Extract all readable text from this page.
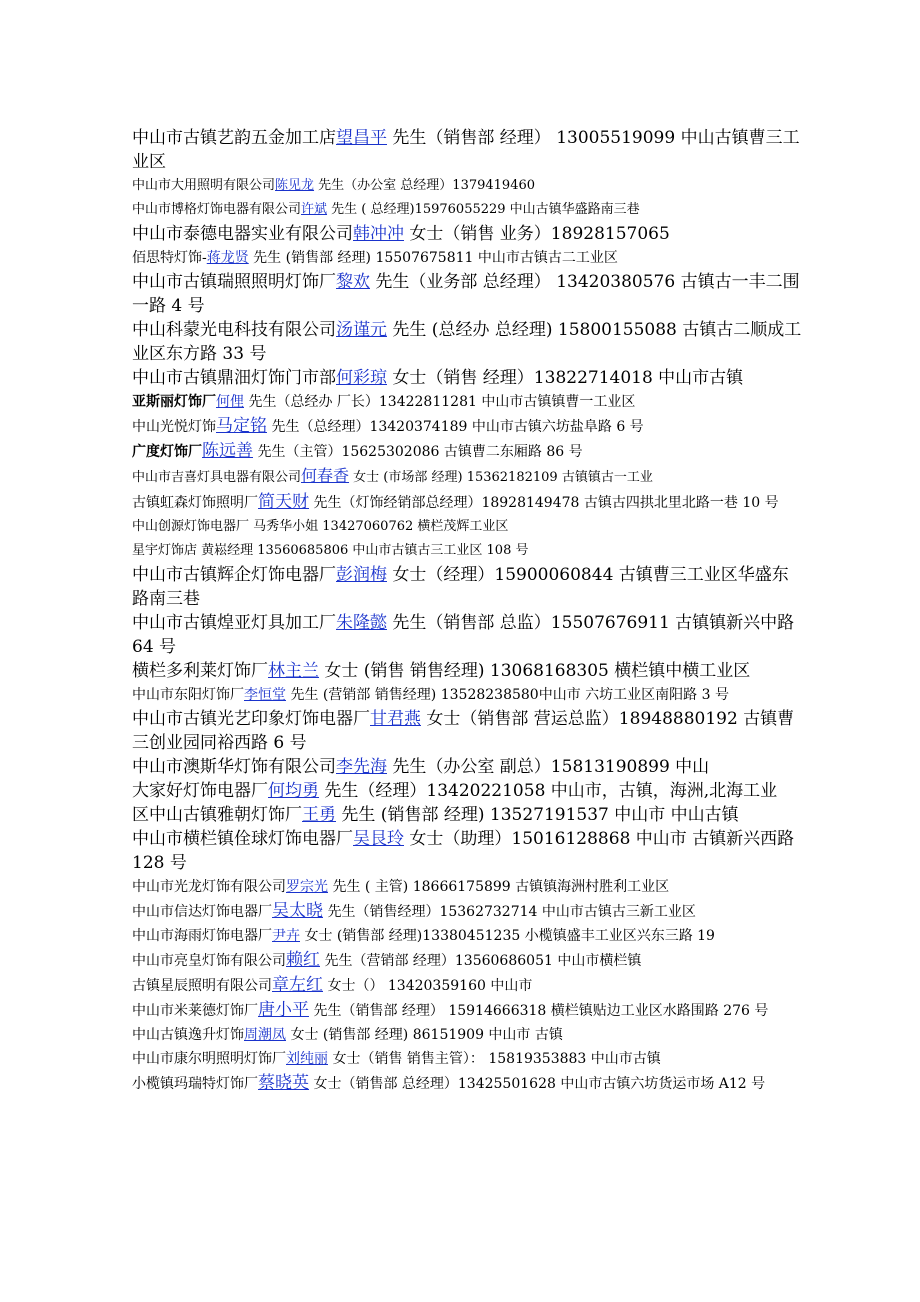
中山市古镇艺韵五金加工店望昌平 先生（销售部 经理） 13005519099 中山古镇曹三工业区

中山市大用照明有限公司陈见龙 先生（办公室 总经理）1379419460

中山市博格灯饰电器有限公司许斌 先生 ( 总经理)15976055229 中山古镇华盛路南三巷

中山市泰德电器实业有限公司韩冲冲 女士（销售 业务）18928157065

佰思特灯饰-蒋龙贤 先生 (销售部 经理) 15507675811 中山市古镇古二工业区

中山市古镇瑞照照明灯饰厂黎欢 先生（业务部 总经理） 13420380576 古镇古一丰二围一路 4 号

中山科蒙光电科技有限公司汤谨元 先生 (总经办 总经理) 15800155088 古镇古二顺成工业区东方路 33 号

中山市古镇鼎沺灯饰门市部何彩琼 女士（销售 经理）13822714018 中山市古镇

亚斯丽灯饰厂何俚 先生（总经办 厂长）13422811281 中山市古镇镇曹一工业区

中山光悦灯饰马定铭 先生（总经理）13420374189 中山市古镇六坊盐阜路 6 号

广度灯饰厂陈远善 先生（主管）15625302086 古镇曹二东厢路 86 号

中山市吉喜灯具电器有限公司何春香 女士 (市场部 经理) 15362182109 古镇镇古一工业

古镇虹森灯饰照明厂简天财 先生（灯饰经销部总经理）18928149478 古镇古四拱北里北路一巷 10 号

中山创源灯饰电器厂 马秀华小姐 13427060762 横栏茂辉工业区

星宇灯饰店 黄崧经理 13560685806 中山市古镇古三工业区 108 号

中山市古镇辉企灯饰电器厂彭润梅 女士（经理）15900060844 古镇曹三工业区华盛东路南三巷

中山市古镇煌亚灯具加工厂朱隆懿 先生（销售部 总监）15507676911 古镇镇新兴中路 64 号

横栏多利莱灯饰厂林主兰 女士 (销售 销售经理) 13068168305 横栏镇中横工业区

中山市东阳灯饰厂李恒堂 先生 (营销部 销售经理) 13528238580中山市 六坊工业区南阳路 3 号

中山市古镇光艺印象灯饰电器厂甘君燕 女士（销售部 营运总监）18948880192 古镇曹三创业园同裕西路 6 号

中山市澳斯华灯饰有限公司李先海 先生（办公室 副总）15813190899 中山

大家好灯饰电器厂何均勇 先生（经理）13420221058 中山市，古镇，海洲,北海工业

区中山古镇雅朝灯饰厂王勇 先生 (销售部 经理) 13527191537 中山市 中山古镇

中山市横栏镇佺球灯饰电器厂吴艮玲 女士（助理）15016128868 中山市 古镇新兴西路 128 号

中山市光龙灯饰有限公司罗宗光 先生 ( 主管) 18666175899 古镇镇海洲村胜利工业区

中山市信达灯饰电器厂吴太晓 先生（销售经理）15362732714 中山市古镇古三新工业区

中山市海雨灯饰电器厂尹卉 女士 (销售部 经理)13380451235 小榄镇盛丰工业区兴东三路 19

中山市亮皇灯饰有限公司赖红 先生（营销部 经理）13560686051 中山市横栏镇

古镇星辰照明有限公司章左红 女士（） 13420359160 中山市

中山市米莱德灯饰厂唐小平 先生（销售部 经理） 15914666318 横栏镇贴边工业区水路围路 276 号

中山古镇逸升灯饰周潮凤 女士 (销售部 经理) 86151909 中山市 古镇

中山市康尔明照明灯饰厂刘纯丽 女士（销售 销售主管）： 15819353883 中山市古镇

小榄镇玛瑞特灯饰厂蔡晓英 女士（销售部 总经理）13425501628 中山市古镇六坊货运市场 A12 号
